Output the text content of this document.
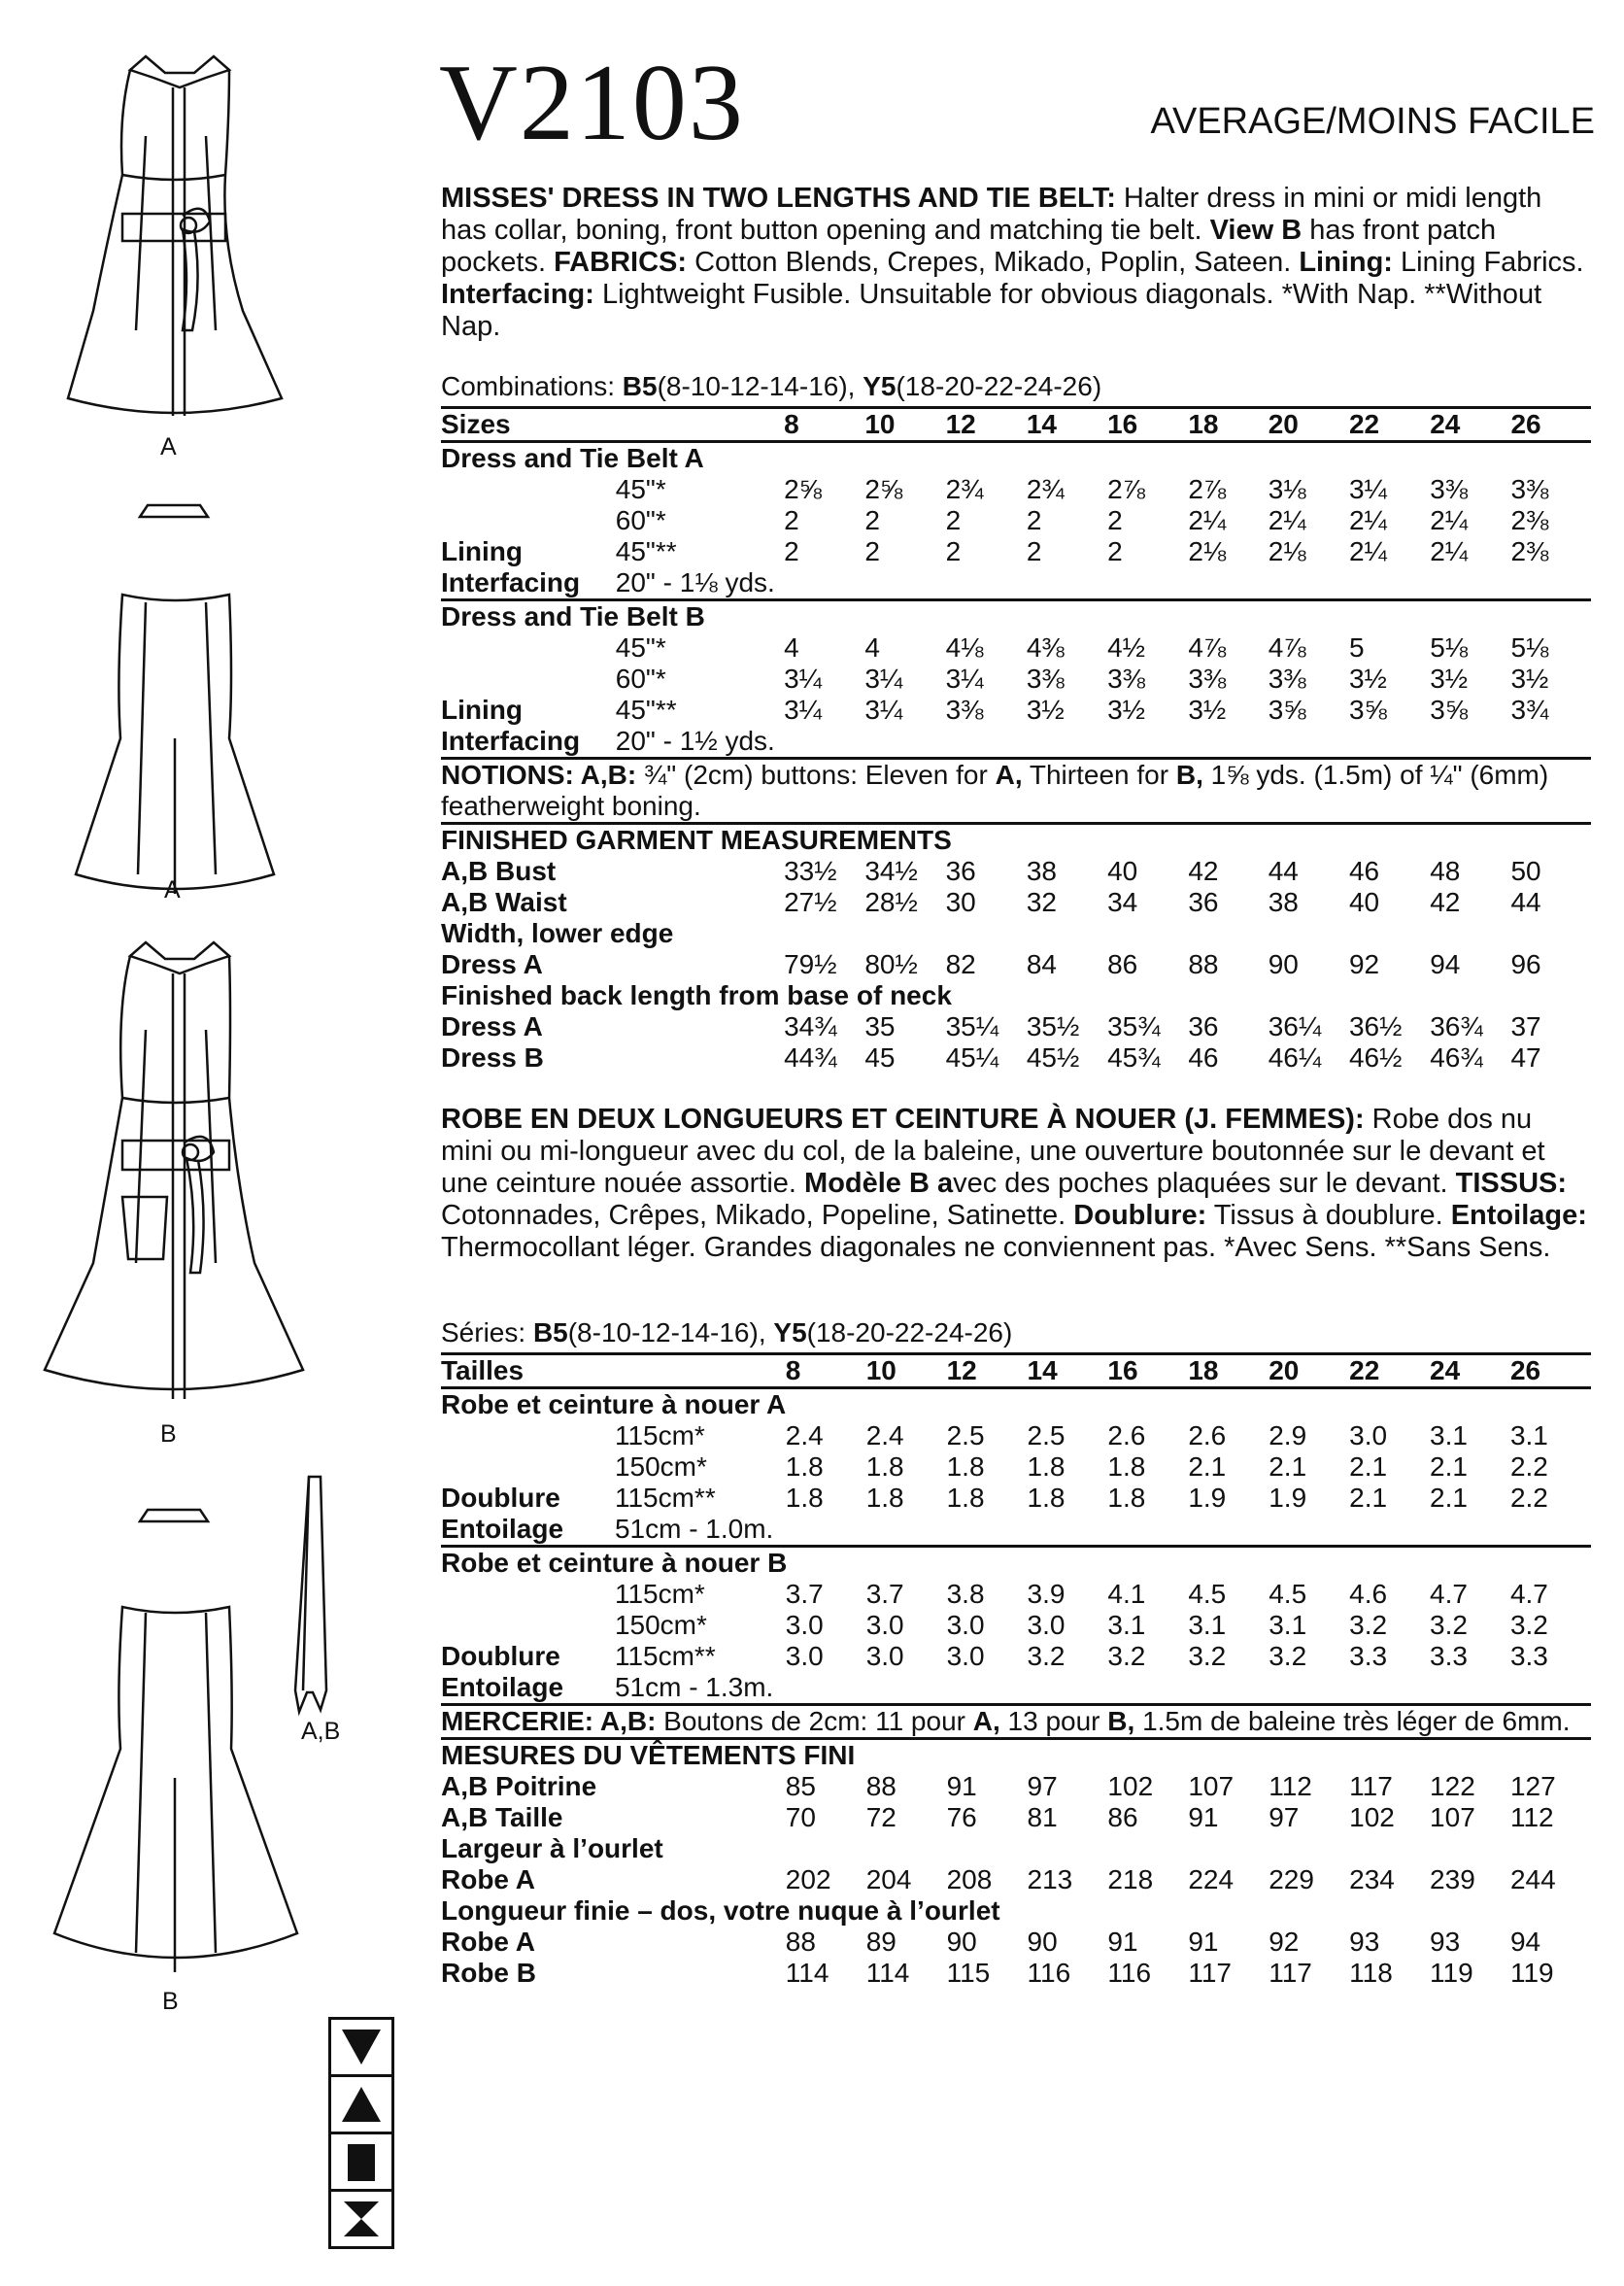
A
A
B
B
A,B
V2103	AVERAGE/MOINS FACILE
MISSES' DRESS IN TWO LENGTHS AND TIE BELT: Halter dress in mini or midi length has collar, boning, front button opening and matching tie belt. View B has front patch pockets. FABRICS: Cotton Blends, Crepes, Mikado, Poplin, Sateen. Lining: Lining Fabrics. Interfacing: Lightweight Fusible. Unsuitable for obvious diagonals. *With Nap. **Without Nap.
Combinations: B5(8-10-12-14-16), Y5(18-20-22-24-26)
Sizes		8	10	12	14	16	18	20	22	24	26
Dress and Tie Belt A											
	45"*	2⅝	2⅝	2¾	2¾	2⅞	2⅞	3⅛	3¼	3⅜	3⅜
	60"*	2	2	2	2	2	2¼	2¼	2¼	2¼	2⅜
Lining	45"**	2	2	2	2	2	2⅛	2⅛	2¼	2¼	2⅜
Interfacing	20" - 1⅛ yds.										
Dress and Tie Belt B											
	45"*	4	4	4⅛	4⅜	4½	4⅞	4⅞	5	5⅛	5⅛
	60"*	3¼	3¼	3¼	3⅜	3⅜	3⅜	3⅜	3½	3½	3½
Lining	45"**	3¼	3¼	3⅜	3½	3½	3½	3⅝	3⅝	3⅝	3¾
Interfacing	20" - 1½ yds.										
NOTIONS: A,B: ¾" (2cm) buttons: Eleven for A, Thirteen for B, 1⅝ yds. (1.5m) of ¼" (6mm) featherweight boning.											
FINISHED GARMENT MEASUREMENTS											
A,B Bust		33½	34½	36	38	40	42	44	46	48	50
A,B Waist		27½	28½	30	32	34	36	38	40	42	44
Width, lower edge											
Dress A		79½	80½	82	84	86	88	90	92	94	96
Finished back length from base of neck											
Dress A		34¾	35	35¼	35½	35¾	36	36¼	36½	36¾	37
Dress B		44¾	45	45¼	45½	45¾	46	46¼	46½	46¾	47
ROBE EN DEUX LONGUEURS ET CEINTURE À NOUER (J. FEMMES): Robe dos nu mini ou mi-longueur avec du col, de la baleine, une ouverture boutonnée sur le devant et une ceinture nouée assortie. Modèle B avec des poches plaquées sur le devant. TISSUS: Cotonnades, Crêpes, Mikado, Popeline, Satinette. Doublure: Tissus à doublure. Entoilage: Thermocollant léger. Grandes diagonales ne conviennent pas. *Avec Sens. **Sans Sens.
Séries: B5(8-10-12-14-16), Y5(18-20-22-24-26)
Tailles		8	10	12	14	16	18	20	22	24	26
Robe et ceinture à nouer A											
	115cm*	2.4	2.4	2.5	2.5	2.6	2.6	2.9	3.0	3.1	3.1
	150cm*	1.8	1.8	1.8	1.8	1.8	2.1	2.1	2.1	2.1	2.2
Doublure	115cm**	1.8	1.8	1.8	1.8	1.8	1.9	1.9	2.1	2.1	2.2
Entoilage	51cm - 1.0m.										
Robe et ceinture à nouer B											
	115cm*	3.7	3.7	3.8	3.9	4.1	4.5	4.5	4.6	4.7	4.7
	150cm*	3.0	3.0	3.0	3.0	3.1	3.1	3.1	3.2	3.2	3.2
Doublure	115cm**	3.0	3.0	3.0	3.2	3.2	3.2	3.2	3.3	3.3	3.3
Entoilage	51cm - 1.3m.										
MERCERIE: A,B: Boutons de 2cm: 11 pour A, 13 pour B, 1.5m de baleine très léger de 6mm.											
MESURES DU VÊTEMENTS FINI											
A,B Poitrine		85	88	91	97	102	107	112	117	122	127
A,B Taille		70	72	76	81	86	91	97	102	107	112
Largeur à l’ourlet											
Robe A		202	204	208	213	218	224	229	234	239	244
Longueur finie – dos, votre nuque à l’ourlet											
Robe A		88	89	90	90	91	91	92	93	93	94
Robe B		114	114	115	116	116	117	117	118	119	119
